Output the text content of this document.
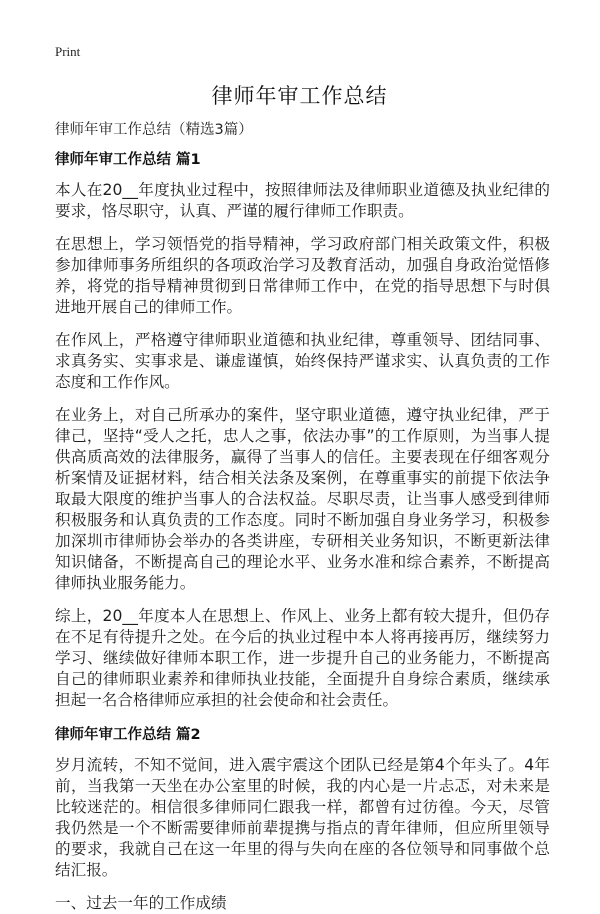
Print

律师年审工作总结

律师年审工作总结（精选3篇）

律师年审工作总结 篇1

本人在20__年度执业过程中，按照律师法及律师职业道德及执业纪律的要求，恪尽职守，认真、严谨的履行律师工作职责。

在思想上，学习领悟党的指导精神，学习政府部门相关政策文件，积极参加律师事务所组织的各项政治学习及教育活动，加强自身政治觉悟修养，将党的指导精神贯彻到日常律师工作中，在党的指导思想下与时俱进地开展自己的律师工作。

在作风上，严格遵守律师职业道德和执业纪律，尊重领导、团结同事、求真务实、实事求是、谦虚谨慎，始终保持严谨求实、认真负责的工作态度和工作作风。

在业务上，对自己所承办的案件，坚守职业道德，遵守执业纪律，严于律己，坚持“受人之托，忠人之事，依法办事”的工作原则，为当事人提供高质高效的法律服务，赢得了当事人的信任。主要表现在仔细客观分析案情及证据材料，结合相关法条及案例，在尊重事实的前提下依法争取最大限度的维护当事人的合法权益。尽职尽责，让当事人感受到律师积极服务和认真负责的工作态度。同时不断加强自身业务学习，积极参加深圳市律师协会举办的各类讲座，专研相关业务知识，不断更新法律知识储备，不断提高自己的理论水平、业务水准和综合素养，不断提高律师执业服务能力。

综上，20__年度本人在思想上、作风上、业务上都有较大提升，但仍存在不足有待提升之处。在今后的执业过程中本人将再接再厉，继续努力学习、继续做好律师本职工作，进一步提升自己的业务能力，不断提高自己的律师职业素养和律师执业技能，全面提升自身综合素质，继续承担起一名合格律师应承担的社会使命和社会责任。

律师年审工作总结 篇2

岁月流转，不知不觉间，进入震宇震这个团队已经是第4个年头了。4年前，当我第一天坐在办公室里的时候，我的内心是一片忐忑，对未来是比较迷茫的。相信很多律师同仁跟我一样，都曾有过彷徨。今天，尽管我仍然是一个不断需要律师前辈提携与指点的青年律师，但应所里领导的要求，我就自己在这一年里的得与失向在座的各位领导和同事做个总结汇报。

一、过去一年的工作成绩
